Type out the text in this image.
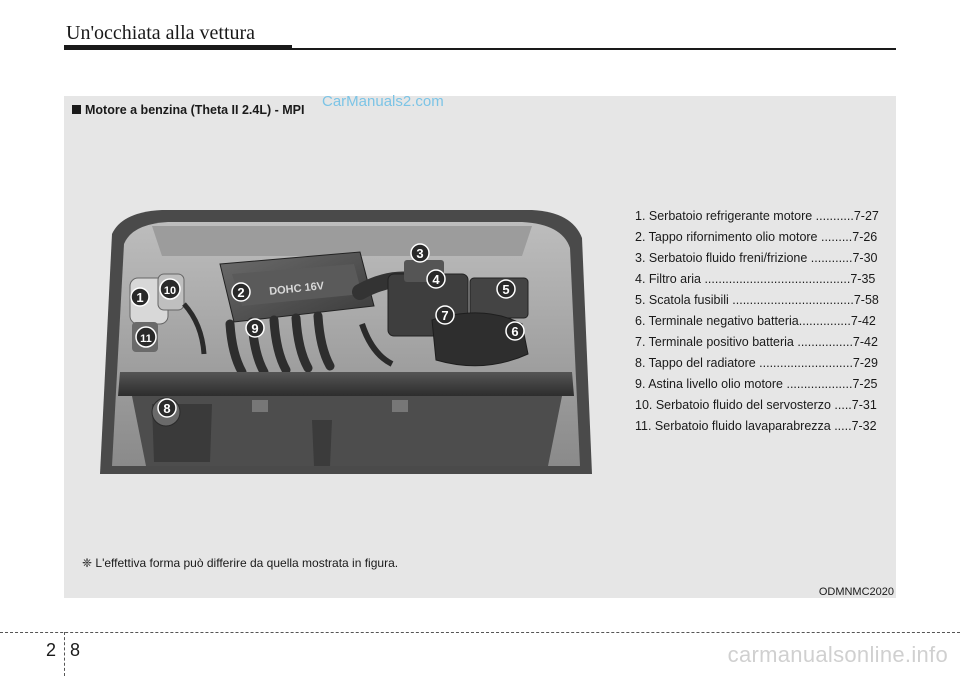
Un'occhiata alla vettura
Motore a benzina (Theta II 2.4L) - MPI CarManuals2.com
DOHC 16V
1	2
3
4
5
6
7
8
9
10
11
1. Serbatoio refrigerante motore ...........7-27
2. Tappo rifornimento olio motore .........7-26
3. Serbatoio fluido freni/frizione ............7-30
4. Filtro aria ..........................................7-35
5. Scatola fusibili ...................................7-58
6. Terminale negativo batteria...............7-42
7. Terminale positivo batteria ................7-42
8. Tappo del radiatore ...........................7-29
9. Astina livello olio motore ...................7-25
10. Serbatoio fluido del servosterzo .....7-31
11. Serbatoio fluido lavaparabrezza .....7-32
❈ L'effettiva forma può differire da quella mostrata in figura.
ODMNMC2020
2 8	carmanualsonline.info
